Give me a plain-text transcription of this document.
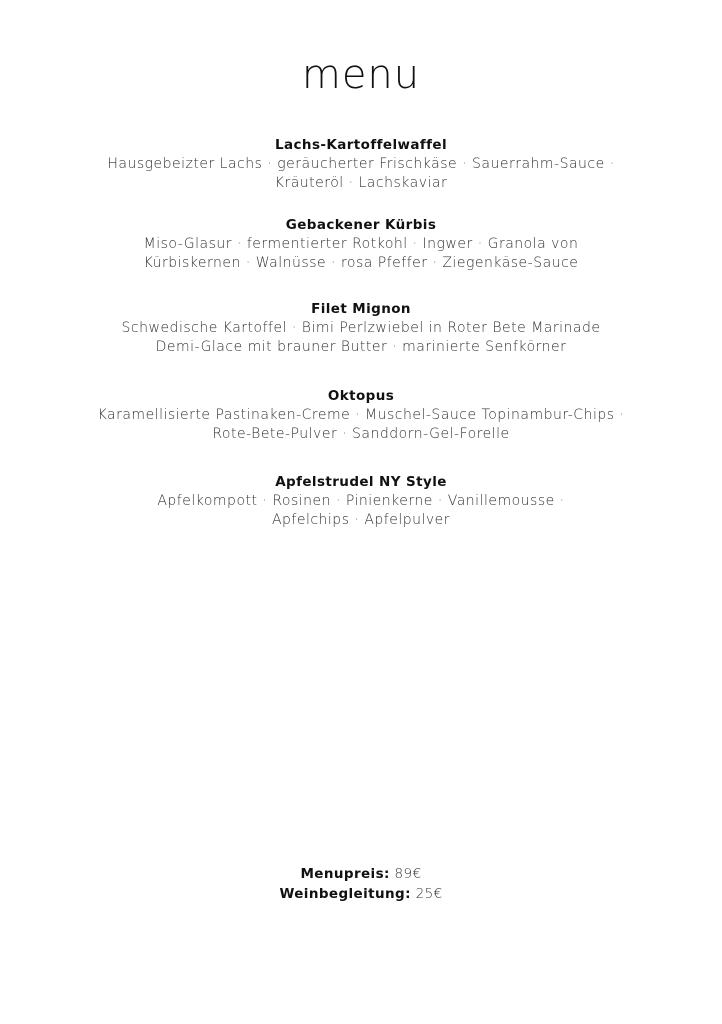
menu
Lachs-Kartoffelwaffel
Hausgebeizter Lachs · geräucherter Frischkäse · Sauerrahm-Sauce ·
Kräuteröl · Lachskaviar
Gebackener Kürbis
Miso-Glasur · fermentierter Rotkohl · Ingwer · Granola von
Kürbiskernen · Walnüsse · rosa Pfeffer · Ziegenkäse-Sauce
Filet Mignon
Schwedische Kartoffel · Bimi Perlzwiebel in Roter Bete Marinade
Demi-Glace mit brauner Butter · marinierte Senfkörner
Oktopus
Karamellisierte Pastinaken-Creme · Muschel-Sauce Topinambur-Chips ·
Rote-Bete-Pulver · Sanddorn-Gel-Forelle
Apfelstrudel NY Style
Apfelkompott · Rosinen · Pinienkerne · Vanillemousse ·
Apfelchips · Apfelpulver
Menupreis: 89€
Weinbegleitung: 25€
